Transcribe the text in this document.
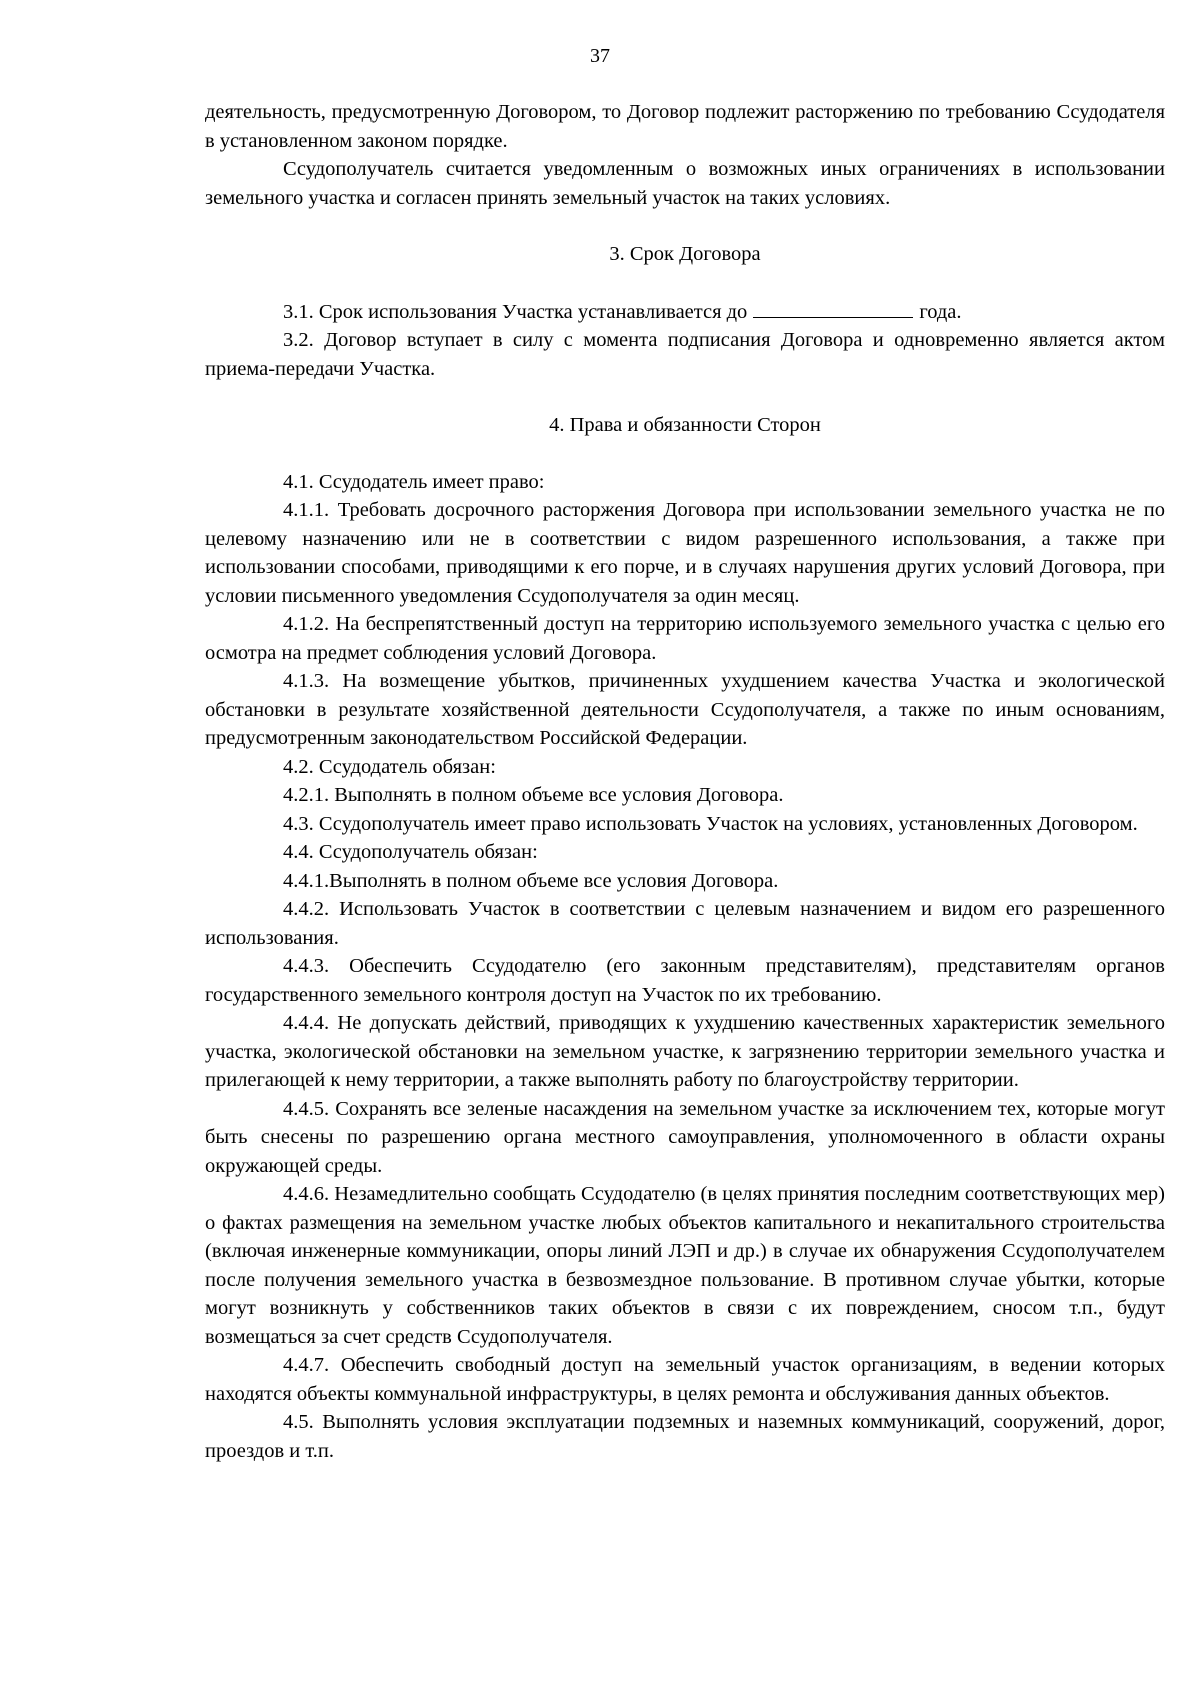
37

деятельность, предусмотренную Договором, то Договор подлежит расторжению по требованию Ссудодателя в установленном законом порядке.

Ссудополучатель считается уведомленным о возможных иных ограничениях в использовании земельного участка и согласен принять земельный участок на таких условиях.

3. Срок Договора

3.1. Срок использования Участка устанавливается до	года.

3.2. Договор вступает в силу с момента подписания Договора и одновременно является актом приема-передачи Участка.

4. Права и обязанности Сторон

4.1. Ссудодатель имеет право:

4.1.1. Требовать досрочного расторжения Договора при использовании земельного участка не по целевому назначению или не в соответствии с видом разрешенного использования, а также при использовании способами, приводящими к его порче, и в случаях нарушения других условий Договора, при условии письменного уведомления Ссудополучателя за один месяц.

4.1.2. На беспрепятственный доступ на территорию используемого земельного участка с целью его осмотра на предмет соблюдения условий Договора.

4.1.3. На возмещение убытков, причиненных ухудшением качества Участка и экологической обстановки в результате хозяйственной деятельности Ссудополучателя, а также по иным основаниям, предусмотренным законодательством Российской Федерации.

4.2. Ссудодатель обязан:

4.2.1. Выполнять в полном объеме все условия Договора.

4.3. Ссудополучатель имеет право использовать Участок на условиях, установленных Договором.

4.4. Ссудополучатель обязан:

4.4.1.Выполнять в полном объеме все условия Договора.

4.4.2. Использовать Участок в соответствии с целевым назначением и видом его разрешенного использования.

4.4.3. Обеспечить Ссудодателю (его законным представителям), представителям органов государственного земельного контроля доступ на Участок по их требованию.

4.4.4. Не допускать действий, приводящих к ухудшению качественных характеристик земельного участка, экологической обстановки на земельном участке, к загрязнению территории земельного участка и прилегающей к нему территории, а также выполнять работу по благоустройству территории.

4.4.5. Сохранять все зеленые насаждения на земельном участке за исключением тех, которые могут быть снесены по разрешению органа местного самоуправления, уполномоченного в области охраны окружающей среды.

4.4.6. Незамедлительно сообщать Ссудодателю (в целях принятия последним соответствующих мер) о фактах размещения на земельном участке любых объектов капитального и некапитального строительства (включая инженерные коммуникации, опоры линий ЛЭП и др.) в случае их обнаружения Ссудополучателем после получения земельного участка в безвозмездное пользование. В противном случае убытки, которые могут возникнуть у собственников таких объектов в связи с их повреждением, сносом т.п., будут возмещаться за счет средств Ссудополучателя.

4.4.7. Обеспечить свободный доступ на земельный участок организациям, в ведении которых находятся объекты коммунальной инфраструктуры, в целях ремонта и обслуживания данных объектов.

4.5. Выполнять условия эксплуатации подземных и наземных коммуникаций, сооружений, дорог, проездов и т.п.
